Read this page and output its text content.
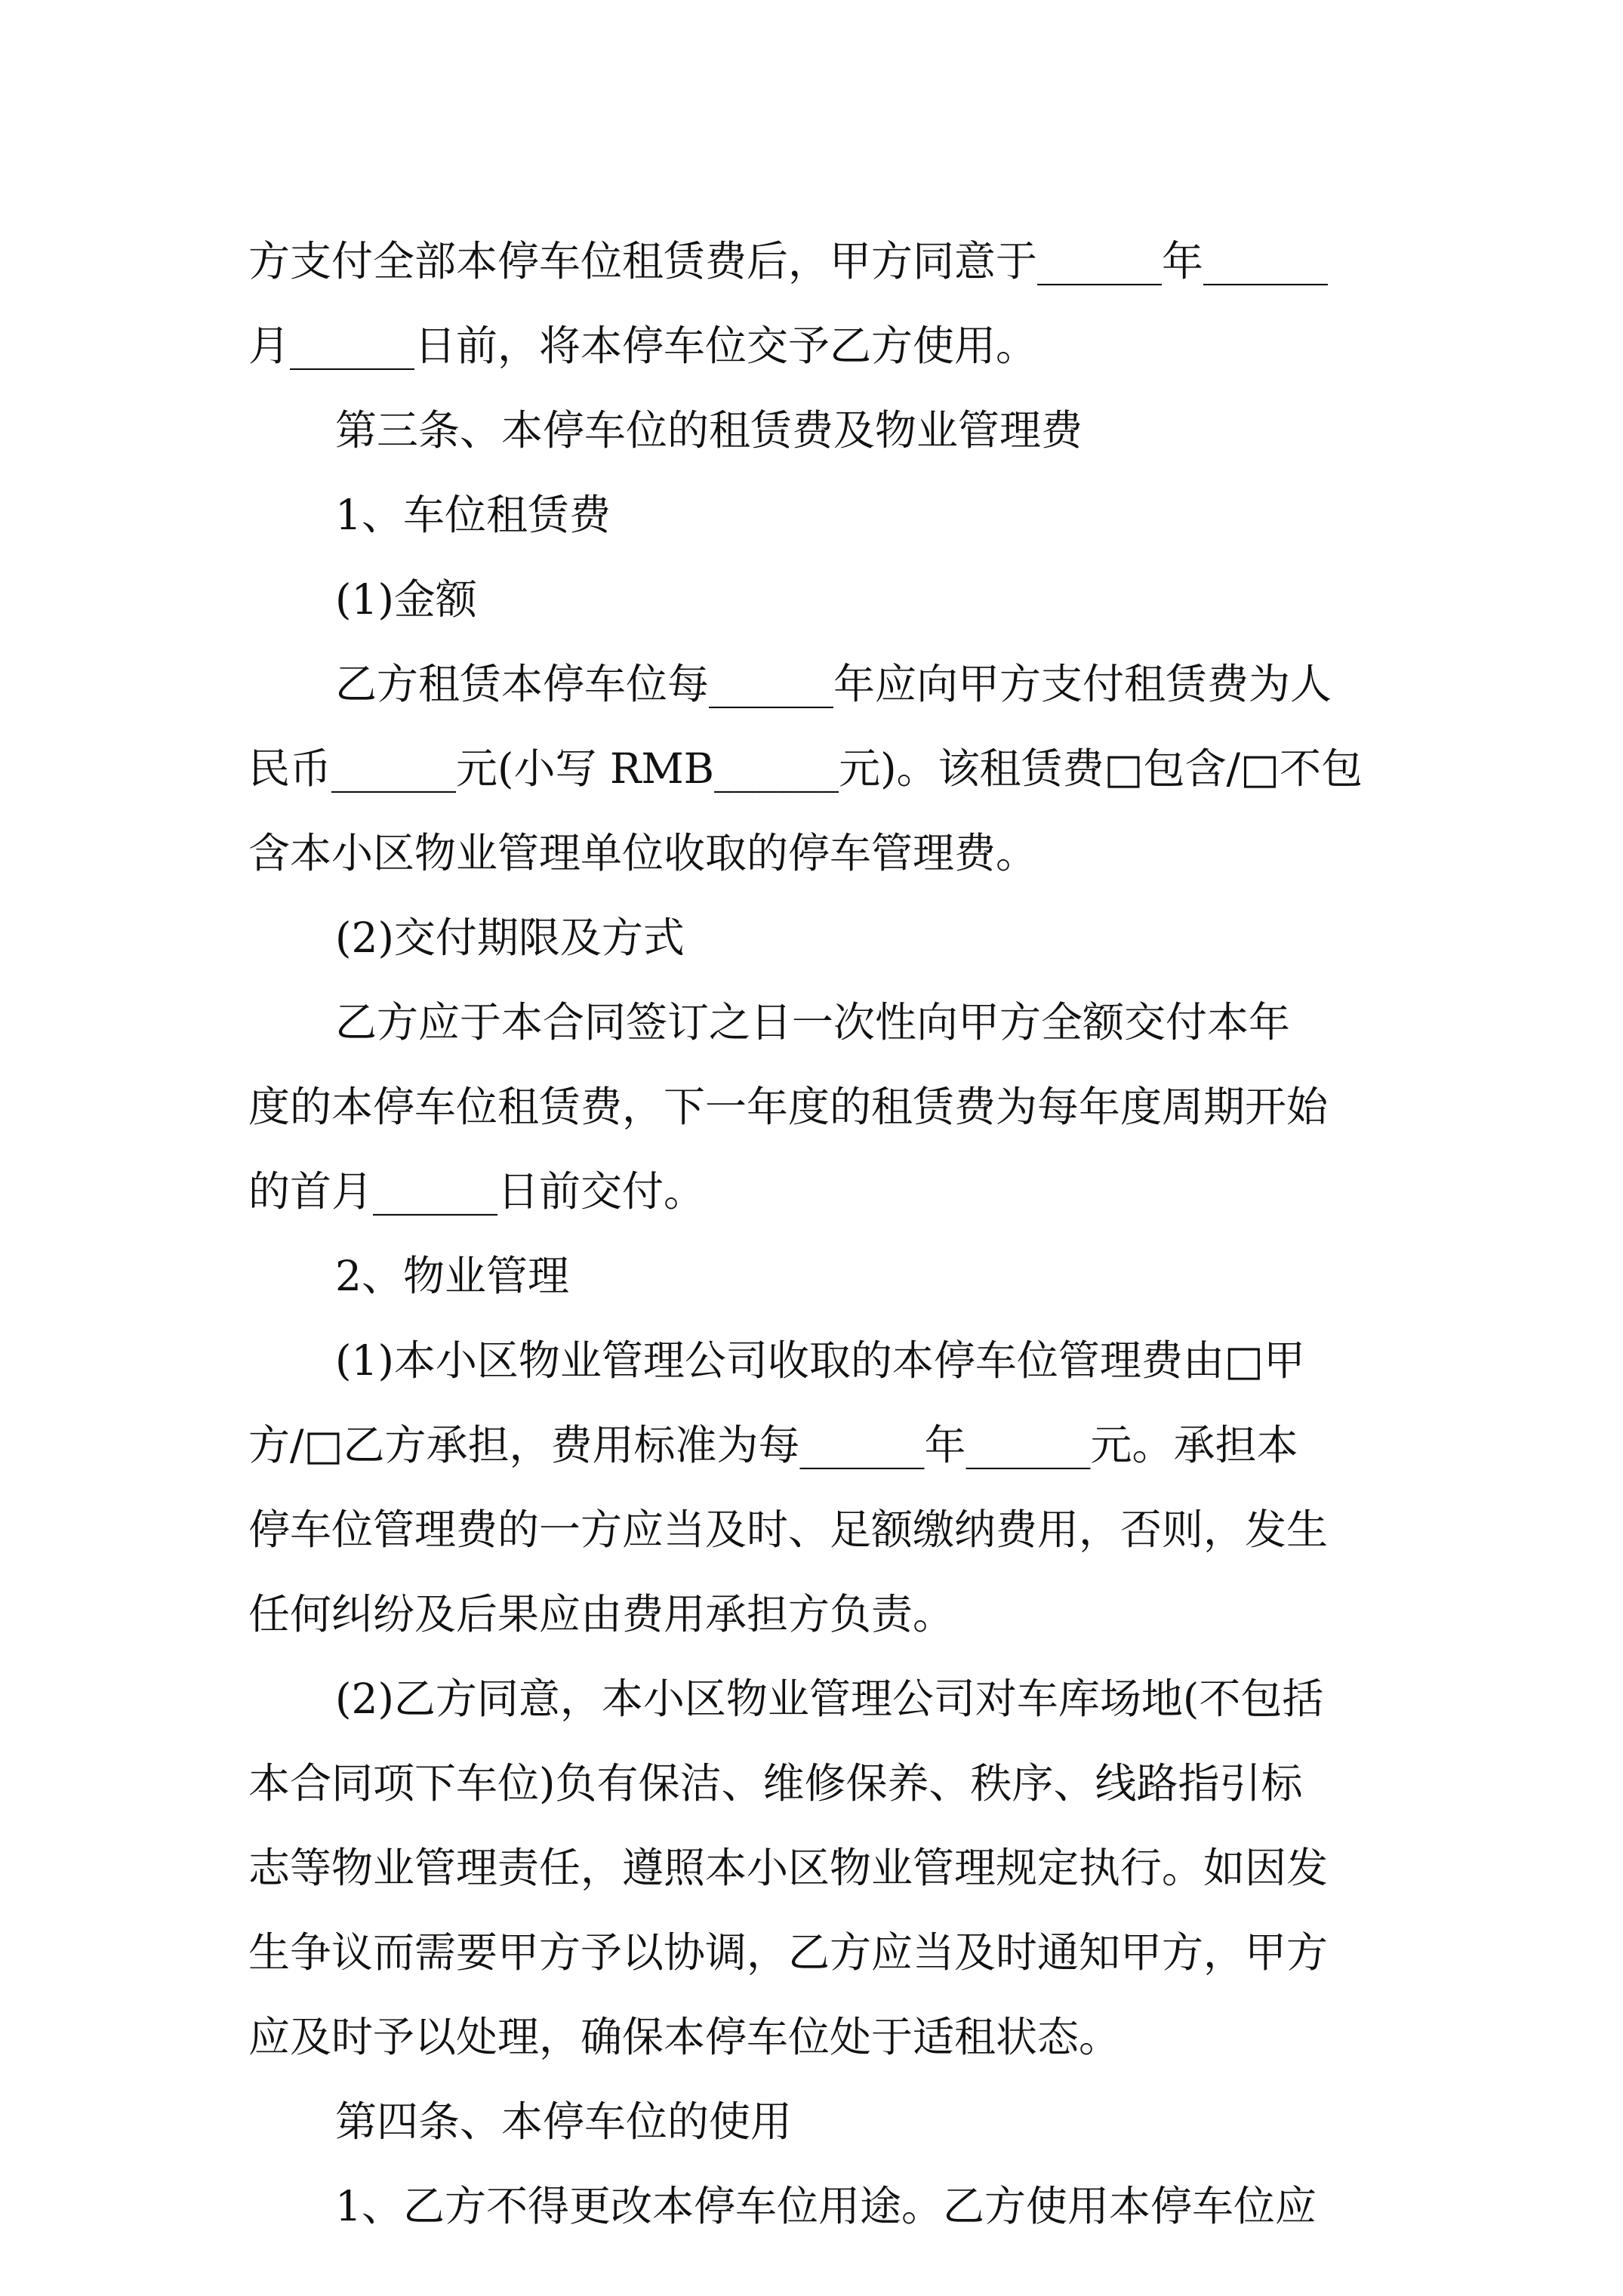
方支付全部本停车位租赁费后，甲方同意于______年______
月______日前，将本停车位交予乙方使用。
第三条、本停车位的租赁费及物业管理费
1、车位租赁费
(1)金额
乙方租赁本停车位每______年应向甲方支付租赁费为人
民币______元(小写 RMB______元)。该租赁费□包含/□不包
含本小区物业管理单位收取的停车管理费。
(2)交付期限及方式
乙方应于本合同签订之日一次性向甲方全额交付本年
度的本停车位租赁费，下一年度的租赁费为每年度周期开始
的首月______日前交付。
2、物业管理
(1)本小区物业管理公司收取的本停车位管理费由□甲
方/□乙方承担，费用标准为每______年______元。承担本
停车位管理费的一方应当及时、足额缴纳费用，否则，发生
任何纠纷及后果应由费用承担方负责。
(2)乙方同意，本小区物业管理公司对车库场地(不包括
本合同项下车位)负有保洁、维修保养、秩序、线路指引标
志等物业管理责任，遵照本小区物业管理规定执行。如因发
生争议而需要甲方予以协调，乙方应当及时通知甲方，甲方
应及时予以处理，确保本停车位处于适租状态。
第四条、本停车位的使用
1、乙方不得更改本停车位用途。乙方使用本停车位应
